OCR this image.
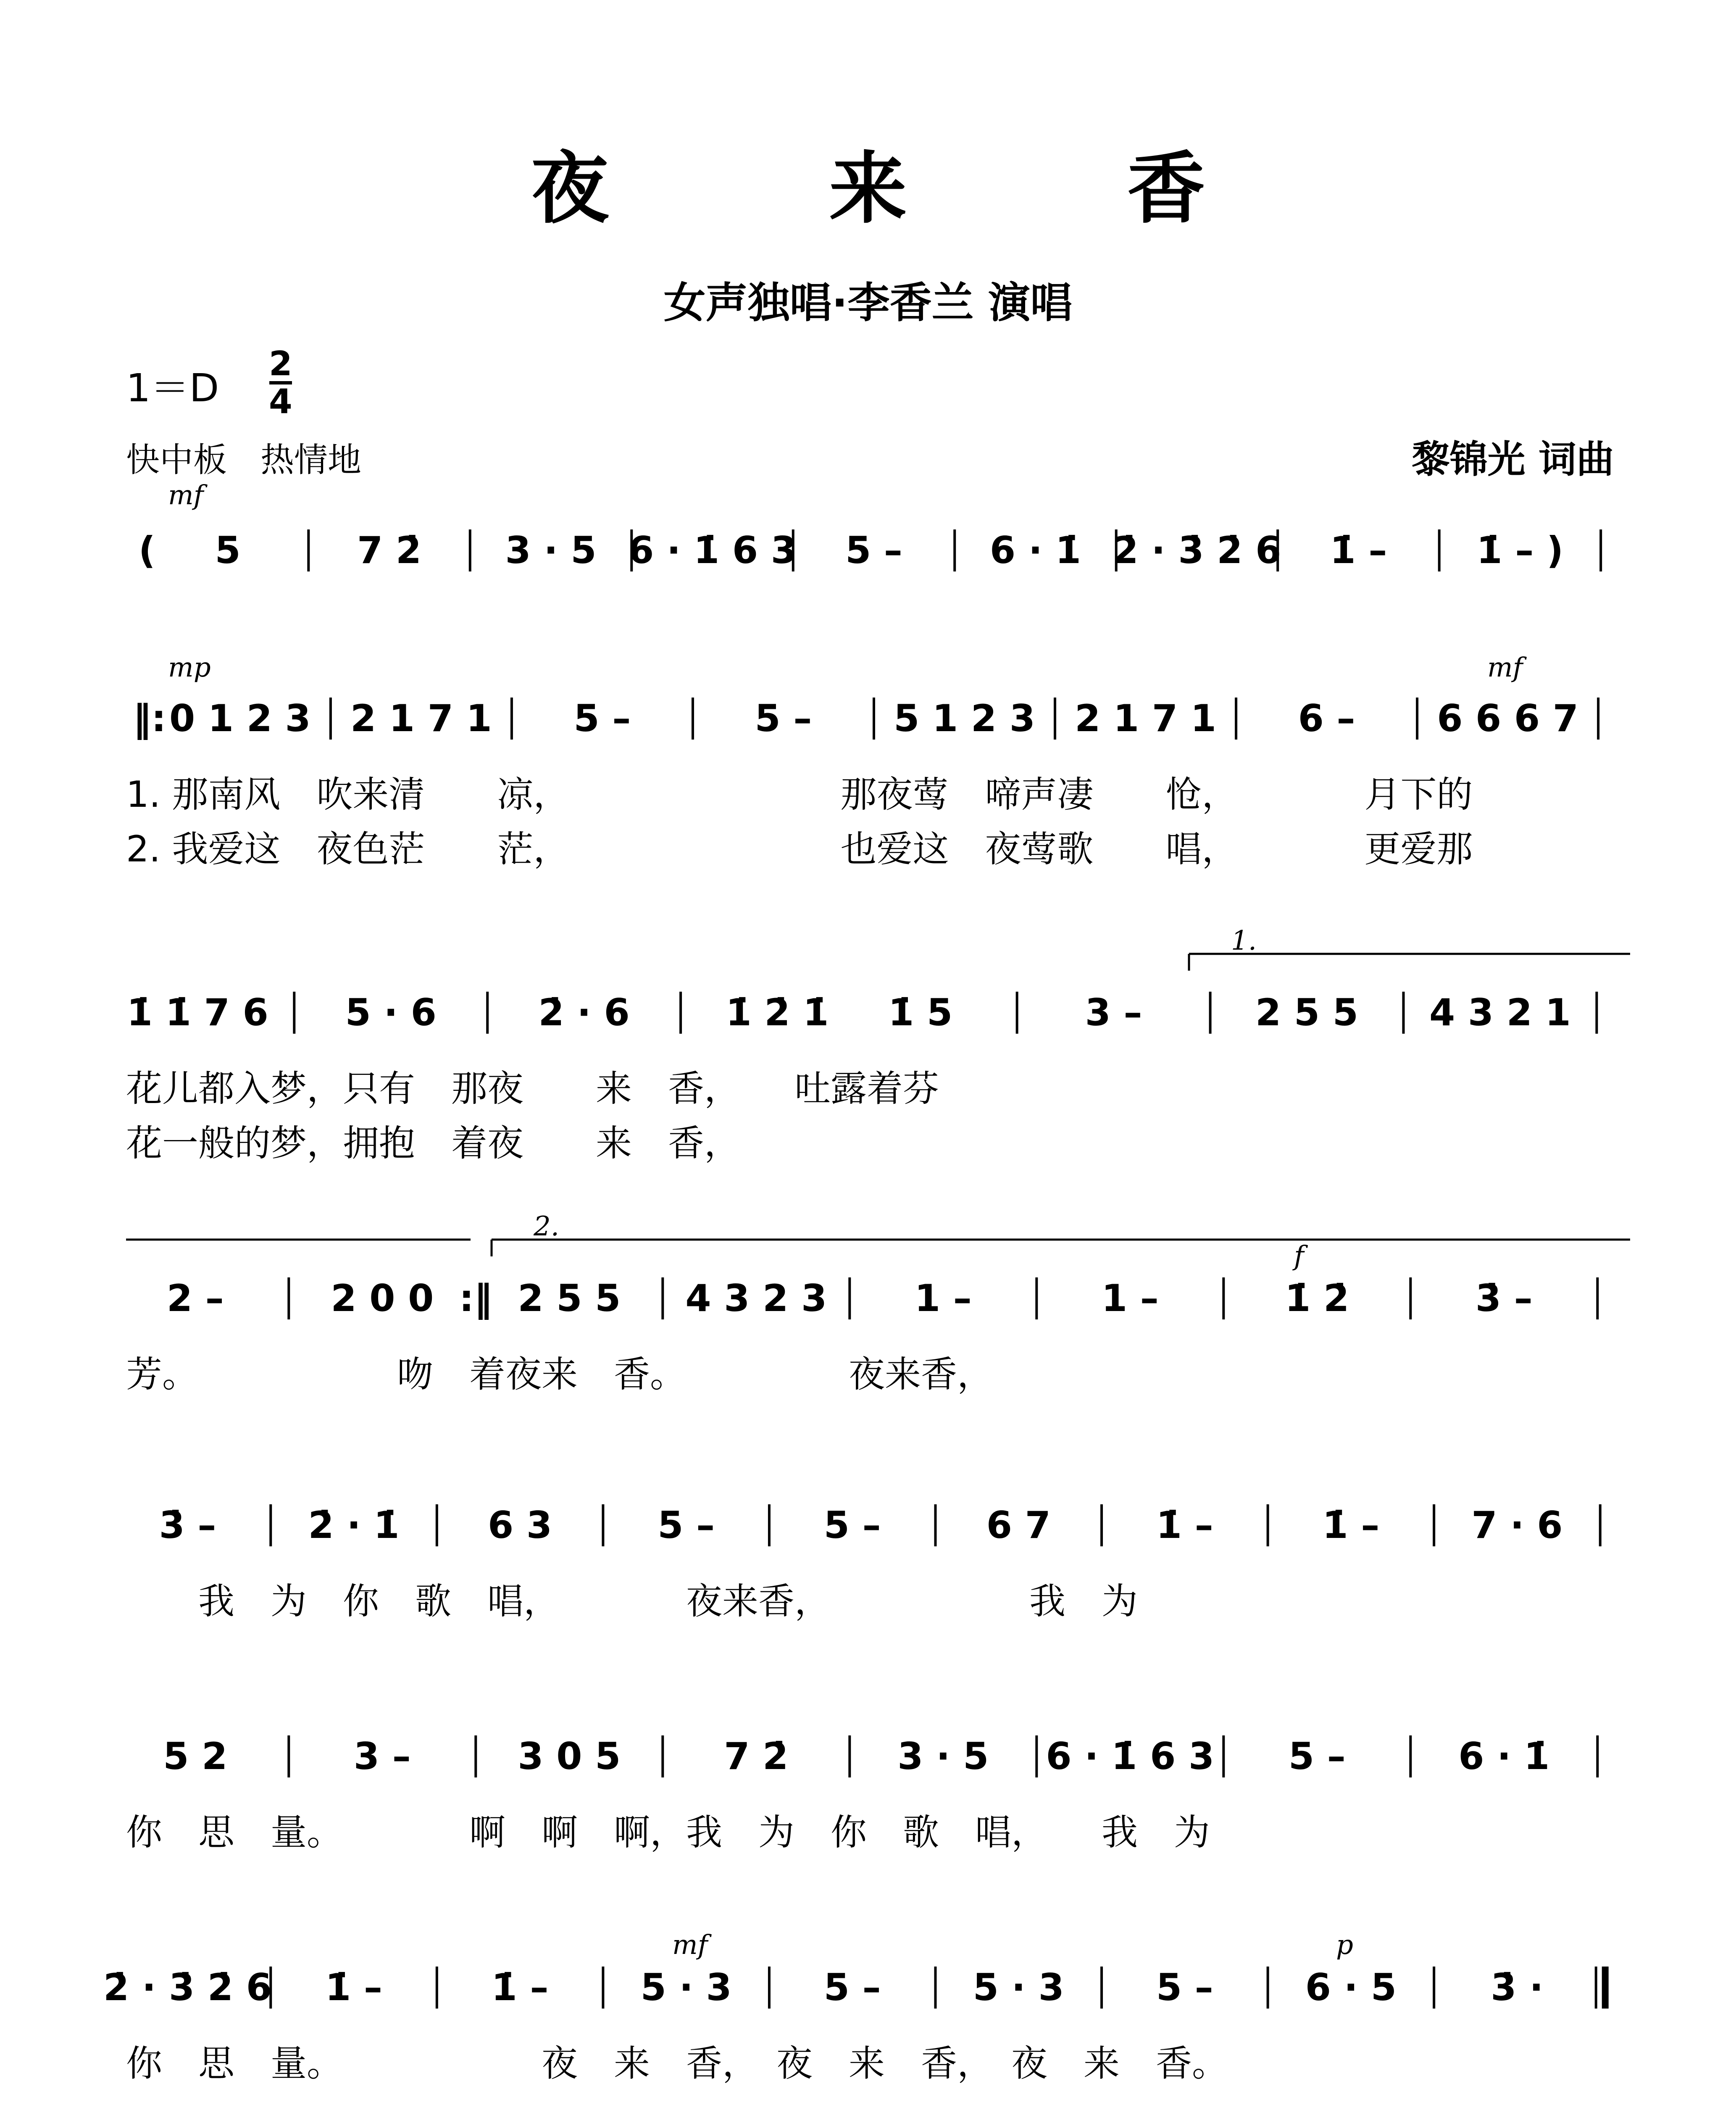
夜 来 香
女声独唱·李香兰 演唱
1＝D
2
4
快中板　热情地	黎锦光 词曲
( 5	7 2̇ 3 · 5 6 · 1̇ 6 3 5 – 6 · 1̇ 2̇ · 3̇ 2̇ 6 1̇ – 1̇ – )
mf
‖: 0 1 2 3 2 1 7 1 5 –	5 – 5 1 2 3 2 1 7 1 6 – 6 6 6 7
mp	mf
1. 那南风　吹来清　　凉，　　　　　　　　那夜莺　啼声凄　　怆，　　　　月下的
2. 我爱这　夜色茫　　茫，　　　　　　　　也爱这　夜莺歌　　唱，　　　　更爱那
1̇ 1̇ 7 6 5 · 6	2̇ · 6	1̇ 2̇ 1̇ 1̇ 5	3 –	2 5 5 4 3 2 1
1.
花儿都入梦，只有　那夜　　来　香，　　吐露着芬
花一般的梦，拥抱　着夜　　来　香，
2 –	2 0 0 :‖ 2 5 5 4 3 2 3 1 –	1 –	1̇ 2̇	3̇ –
f
2.
芳。　　　　　　吻　着夜来　香。　　　　　夜来香，
3̇ – 2̇ · 1̇ 6 3	5 –	5 –	6 7	1̇ –	1̇ – 7 · 6
　　我　为　你　歌　唱，　　　　夜来香，　　　　　　我　为
5 2	3 –	3 0 5	7 2̇	3 · 5 6 · 1̇ 6 3 5 –	6 · 1̇
你　思　量。　　　　啊　啊　啊，我　为　你　歌　唱，　　我　为
2̇ · 3̇ 2̇ 6 1̇ –	1̇ – 5 · 3 5 – 5 · 3 5 – 6 · 5	3̇ ·
mf	p
你　思　量。　　　　　　夜　来　香，　夜　来　香，　夜　来　香。
